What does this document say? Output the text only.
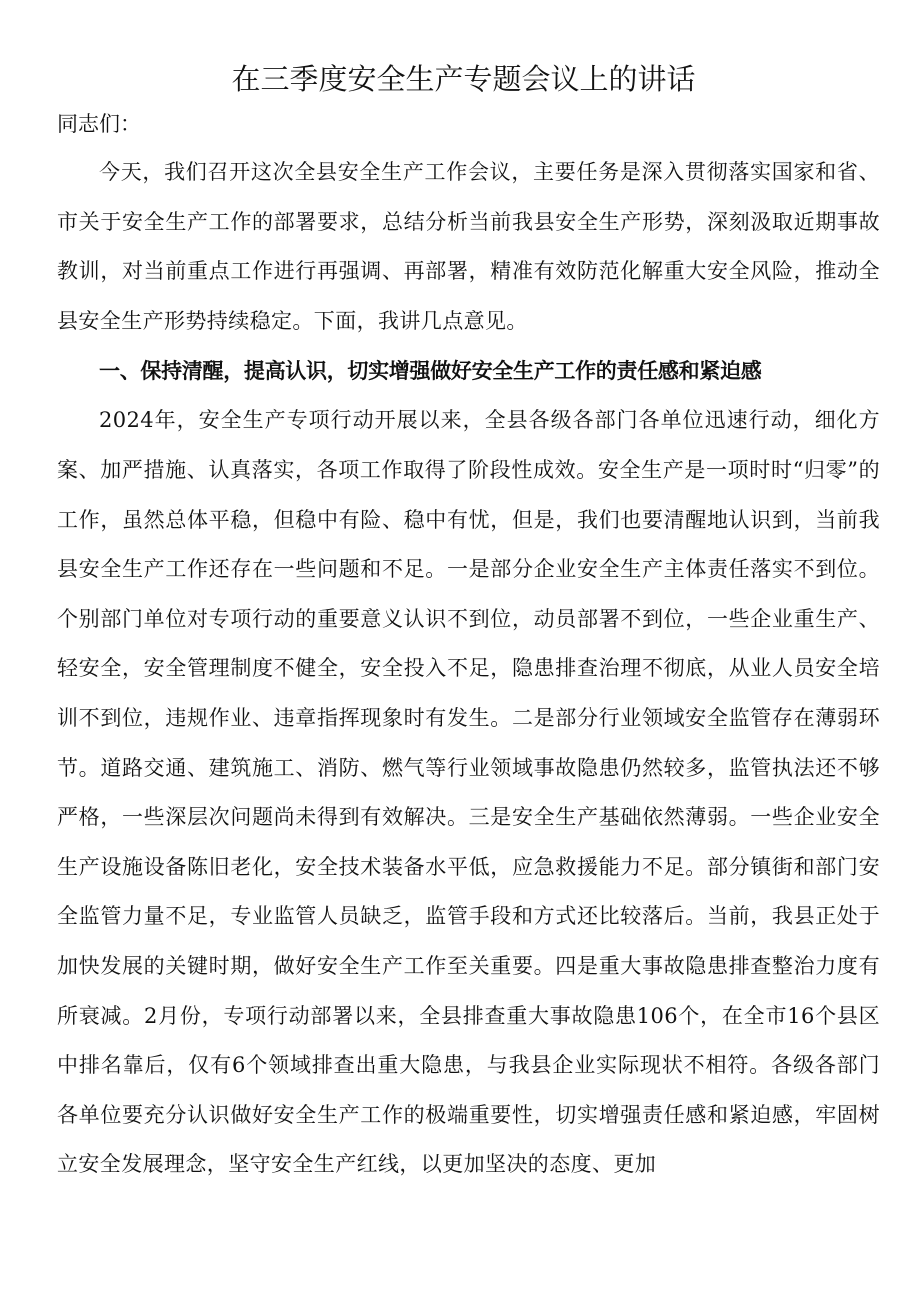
在三季度安全生产专题会议上的讲话

同志们：

今天，我们召开这次全县安全生产工作会议，主要任务是深入贯彻落实国家和省、市关于安全生产工作的部署要求，总结分析当前我县安全生产形势，深刻汲取近期事故教训，对当前重点工作进行再强调、再部署，精准有效防范化解重大安全风险，推动全县安全生产形势持续稳定。下面，我讲几点意见。

一、保持清醒，提高认识，切实增强做好安全生产工作的责任感和紧迫感

2024年，安全生产专项行动开展以来，全县各级各部门各单位迅速行动，细化方案、加严措施、认真落实，各项工作取得了阶段性成效。安全生产是一项时时“归零”的工作，虽然总体平稳，但稳中有险、稳中有忧，但是，我们也要清醒地认识到，当前我县安全生产工作还存在一些问题和不足。一是部分企业安全生产主体责任落实不到位。个别部门单位对专项行动的重要意义认识不到位，动员部署不到位，一些企业重生产、轻安全，安全管理制度不健全，安全投入不足，隐患排查治理不彻底，从业人员安全培训不到位，违规作业、违章指挥现象时有发生。二是部分行业领域安全监管存在薄弱环节。道路交通、建筑施工、消防、燃气等行业领域事故隐患仍然较多，监管执法还不够严格，一些深层次问题尚未得到有效解决。三是安全生产基础依然薄弱。一些企业安全生产设施设备陈旧老化，安全技术装备水平低，应急救援能力不足。部分镇街和部门安全监管力量不足，专业监管人员缺乏，监管手段和方式还比较落后。当前，我县正处于加快发展的关键时期，做好安全生产工作至关重要。四是重大事故隐患排查整治力度有所衰减。2月份，专项行动部署以来，全县排查重大事故隐患106个，在全市16个县区中排名靠后，仅有6个领域排查出重大隐患，与我县企业实际现状不相符。各级各部门各单位要充分认识做好安全生产工作的极端重要性，切实增强责任感和紧迫感，牢固树立安全发展理念，坚守安全生产红线，以更加坚决的态度、更加
